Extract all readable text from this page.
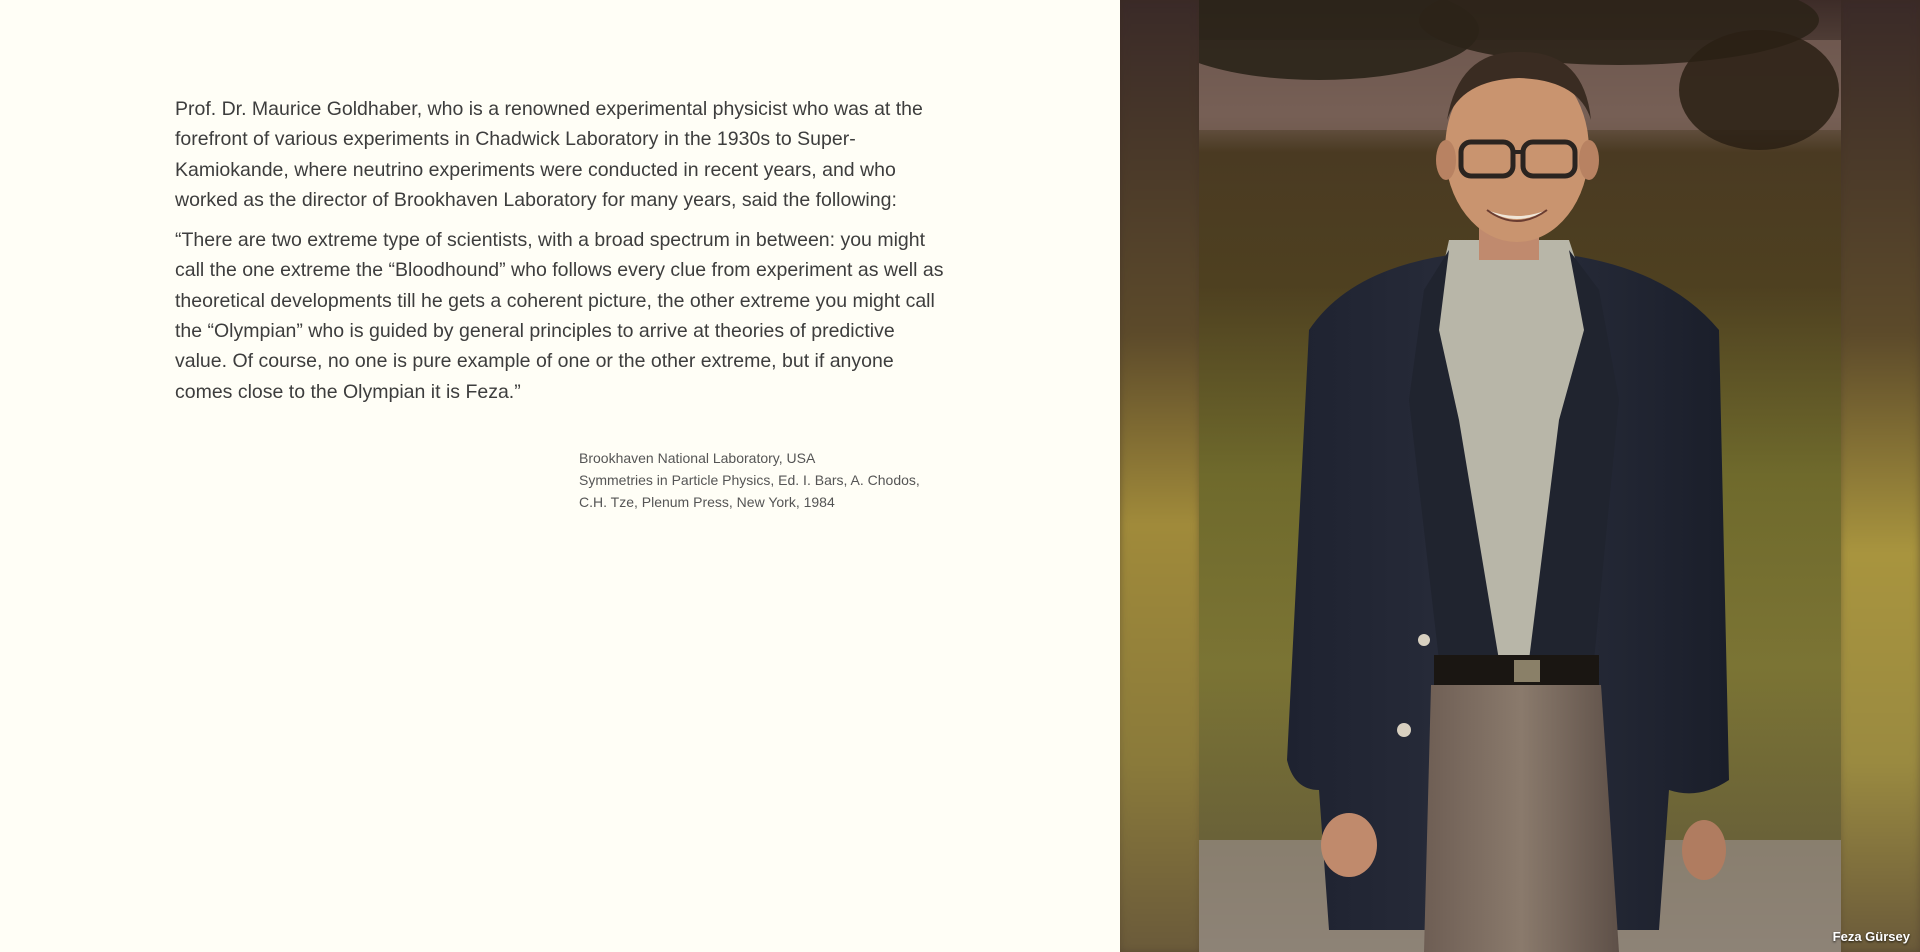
Prof. Dr. Maurice Goldhaber, who is a renowned experimental physicist who was at the forefront of various experiments in Chadwick Laboratory in the 1930s to Super-Kamiokande, where neutrino experiments were conducted in recent years, and who worked as the director of Brookhaven Laboratory for many years, said the following:

“There are two extreme type of scientists, with a broad spectrum in between: you might call the one extreme the “Bloodhound” who follows every clue from experiment as well as theoretical developments till he gets a coherent picture, the other extreme you might call the “Olympian” who is guided by general principles to arrive at theories of predictive value. Of course, no one is pure example of one or the other extreme, but if anyone comes close to the Olympian it is Feza.”

Brookhaven National Laboratory, USA
Symmetries in Particle Physics, Ed. I. Bars, A. Chodos,
C.H. Tze, Plenum Press, New York, 1984
Feza Gürsey
